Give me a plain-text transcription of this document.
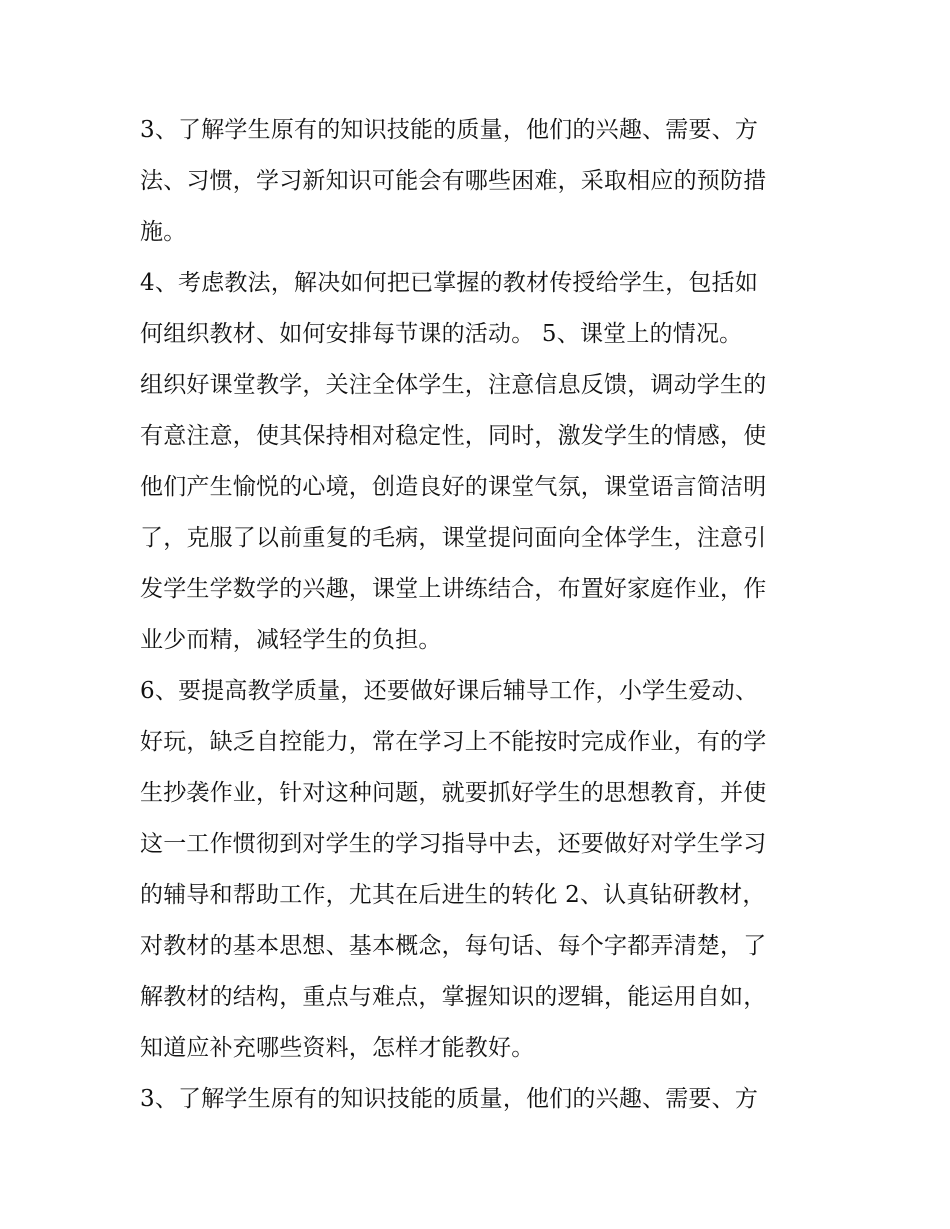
3、了解学生原有的知识技能的质量，他们的兴趣、需要、方
法、习惯，学习新知识可能会有哪些困难，采取相应的预防措
施。
4、考虑教法，解决如何把已掌握的教材传授给学生，包括如
何组织教材、如何安排每节课的活动。 5、课堂上的情况。
组织好课堂教学，关注全体学生，注意信息反馈，调动学生的
有意注意，使其保持相对稳定性，同时，激发学生的情感，使
他们产生愉悦的心境，创造良好的课堂气氛，课堂语言简洁明
了，克服了以前重复的毛病，课堂提问面向全体学生，注意引
发学生学数学的兴趣，课堂上讲练结合，布置好家庭作业，作
业少而精，减轻学生的负担。
6、要提高教学质量，还要做好课后辅导工作，小学生爱动、
好玩，缺乏自控能力，常在学习上不能按时完成作业，有的学
生抄袭作业，针对这种问题，就要抓好学生的思想教育，并使
这一工作惯彻到对学生的学习指导中去，还要做好对学生学习
的辅导和帮助工作，尤其在后进生的转化 2、认真钻研教材，
对教材的基本思想、基本概念，每句话、每个字都弄清楚，了
解教材的结构，重点与难点，掌握知识的逻辑，能运用自如，
知道应补充哪些资料，怎样才能教好。
3、了解学生原有的知识技能的质量，他们的兴趣、需要、方
